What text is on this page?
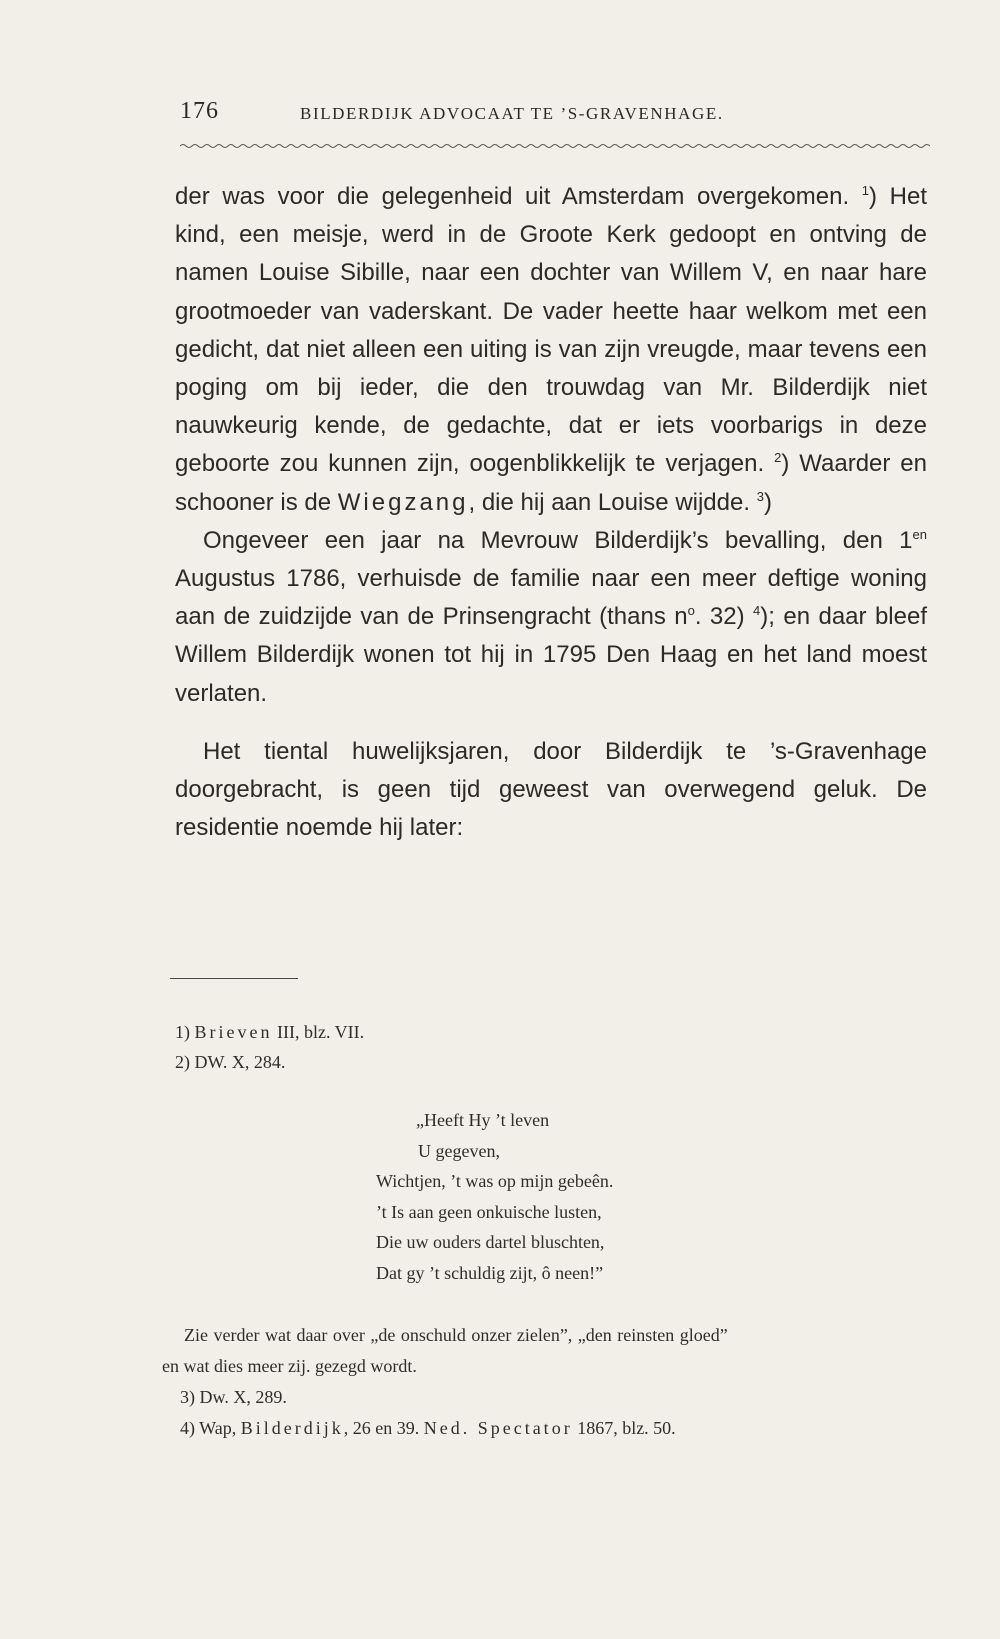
176	BILDERDIJK ADVOCAAT TE ’S-GRAVENHAGE.

der was voor die gelegenheid uit Amsterdam overgekomen. $^1$) Het kind, een meisje, werd in de Groote Kerk gedoopt en ontving de namen Louise Sibille, naar een dochter van Willem V, en naar hare grootmoeder van vaderskant. De vader heette haar welkom met een gedicht, dat niet alleen een uiting is van zijn vreugde, maar tevens een poging om bij ieder, die den trouwdag van Mr. Bilderdijk niet nauwkeurig kende, de gedachte, dat er iets voorbarigs in deze geboorte zou kunnen zijn, oogenblikkelijk te verjagen. $^2$) Waarder en schooner is de Wiegzang, die hij aan Louise wijdde. $^3$)

Ongeveer een jaar na Mevrouw Bilderdijk’s bevalling, den $1^{en}$ Augustus 1786, verhuisde de familie naar een meer deftige woning aan de zuidzijde van de Prinsengracht (thans $n^o$. 32) $^4$); en daar bleef Willem Bilderdijk wonen tot hij in 1795 Den Haag en het land moest verlaten.

Het tiental huwelijksjaren, door Bilderdijk te ’s-Gravenhage doorgebracht, is geen tijd geweest van overwegend geluk. De residentie noemde hij later:

1) Brieven III, blz. VII.
2) DW. X, 284.
„Heeft Hy ’t leven
U gegeven,
Wichtjen, ’t was op mijn gebeên.
’t Is aan geen onkuische lusten,
Die uw ouders dartel bluschten,
Dat gy ’t schuldig zijt, ô neen!”
Zie verder wat daar over „de onschuld onzer zielen”, „den reinsten gloed”
en wat dies meer zij. gezegd wordt.
3) Dw. X, 289.
4) Wap, Bilderdijk, 26 en 39. Ned. Spectator 1867, blz. 50.
